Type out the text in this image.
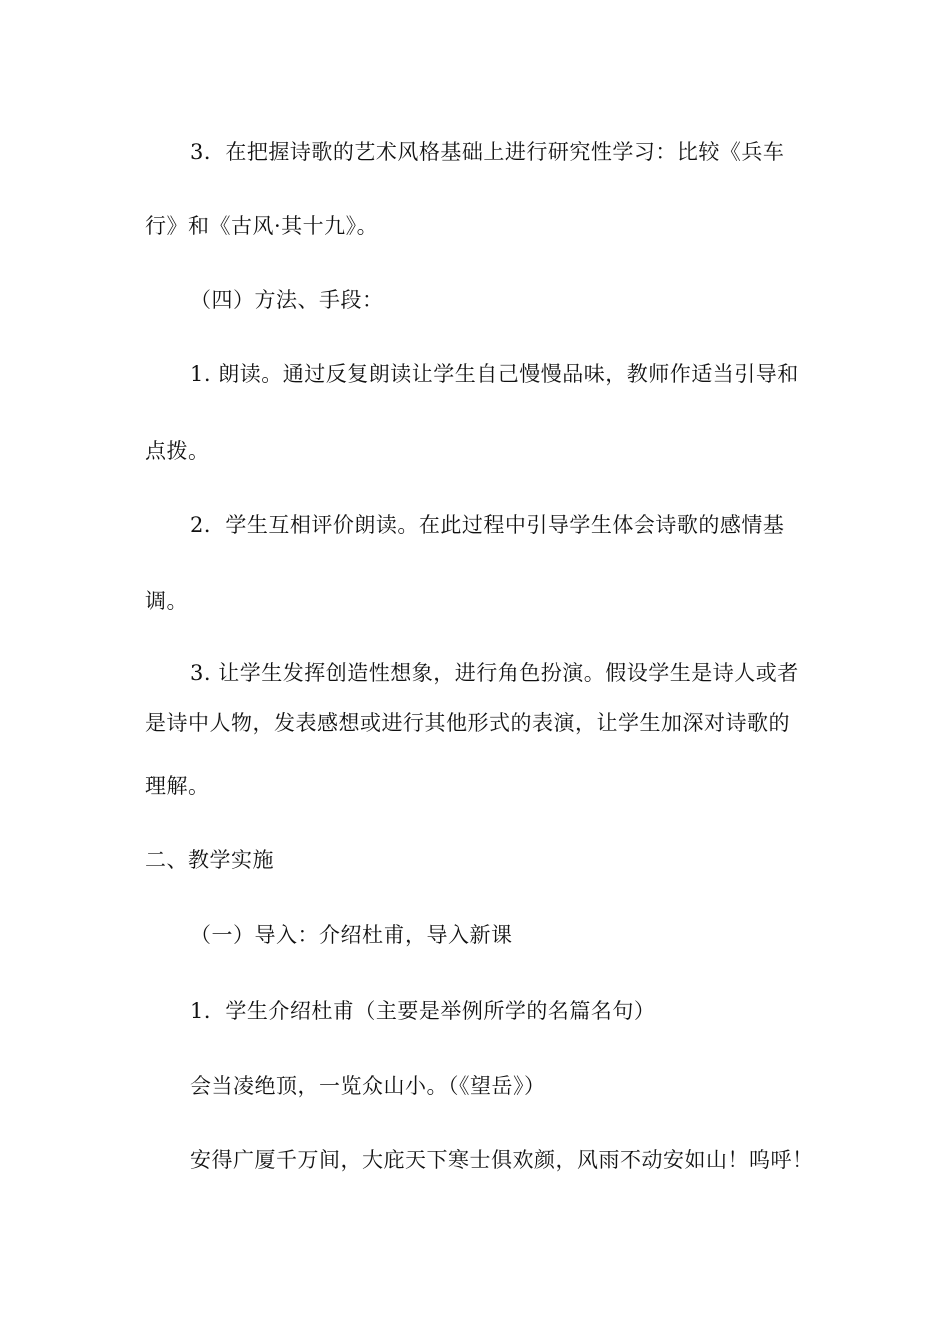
3．在把握诗歌的艺术风格基础上进行研究性学习：比较《兵车
行》和《古风·其十九》。
（四）方法、手段：
1. 朗读。通过反复朗读让学生自己慢慢品味，教师作适当引导和
点拨。
2．学生互相评价朗读。在此过程中引导学生体会诗歌的感情基
调。
3. 让学生发挥创造性想象，进行角色扮演。假设学生是诗人或者
是诗中人物，发表感想或进行其他形式的表演，让学生加深对诗歌的
理解。
二、教学实施
（一）导入：介绍杜甫，导入新课
1．学生介绍杜甫（主要是举例所学的名篇名句）
会当凌绝顶，一览众山小。（《望岳》）
安得广厦千万间，大庇天下寒士俱欢颜，风雨不动安如山！呜呼！
